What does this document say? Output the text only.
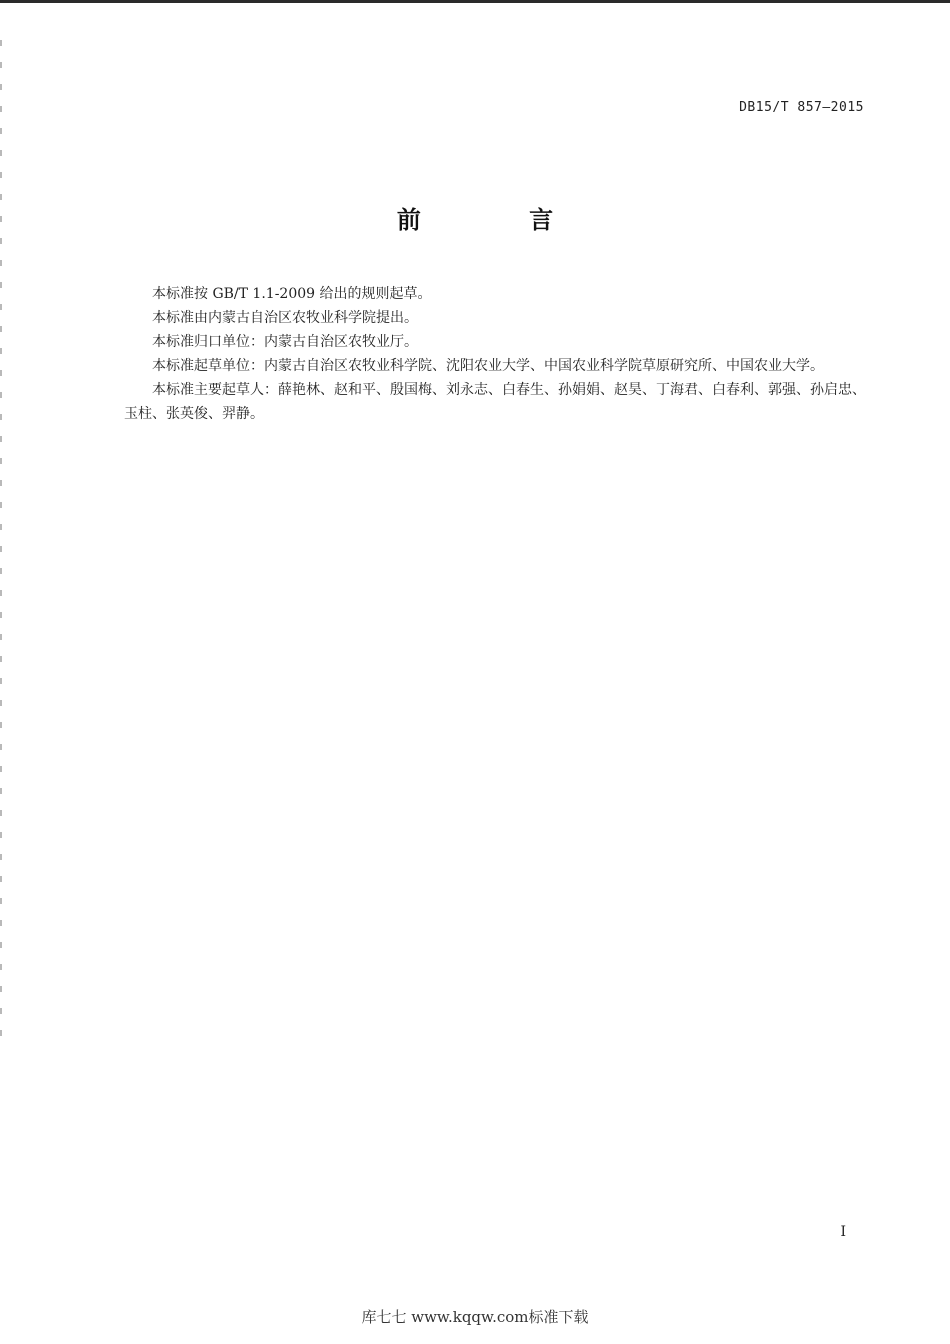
DB15/T 857—2015
前 言

本标准按 GB/T 1.1-2009 给出的规则起草。

本标准由内蒙古自治区农牧业科学院提出。

本标准归口单位：内蒙古自治区农牧业厅。

本标准起草单位：内蒙古自治区农牧业科学院、沈阳农业大学、中国农业科学院草原研究所、中国农业大学。

本标准主要起草人：薛艳林、赵和平、殷国梅、刘永志、白春生、孙娟娟、赵昊、丁海君、白春利、郭强、孙启忠、玉柱、张英俊、羿静。

I
库七七 www.kqqw.com标准下载
